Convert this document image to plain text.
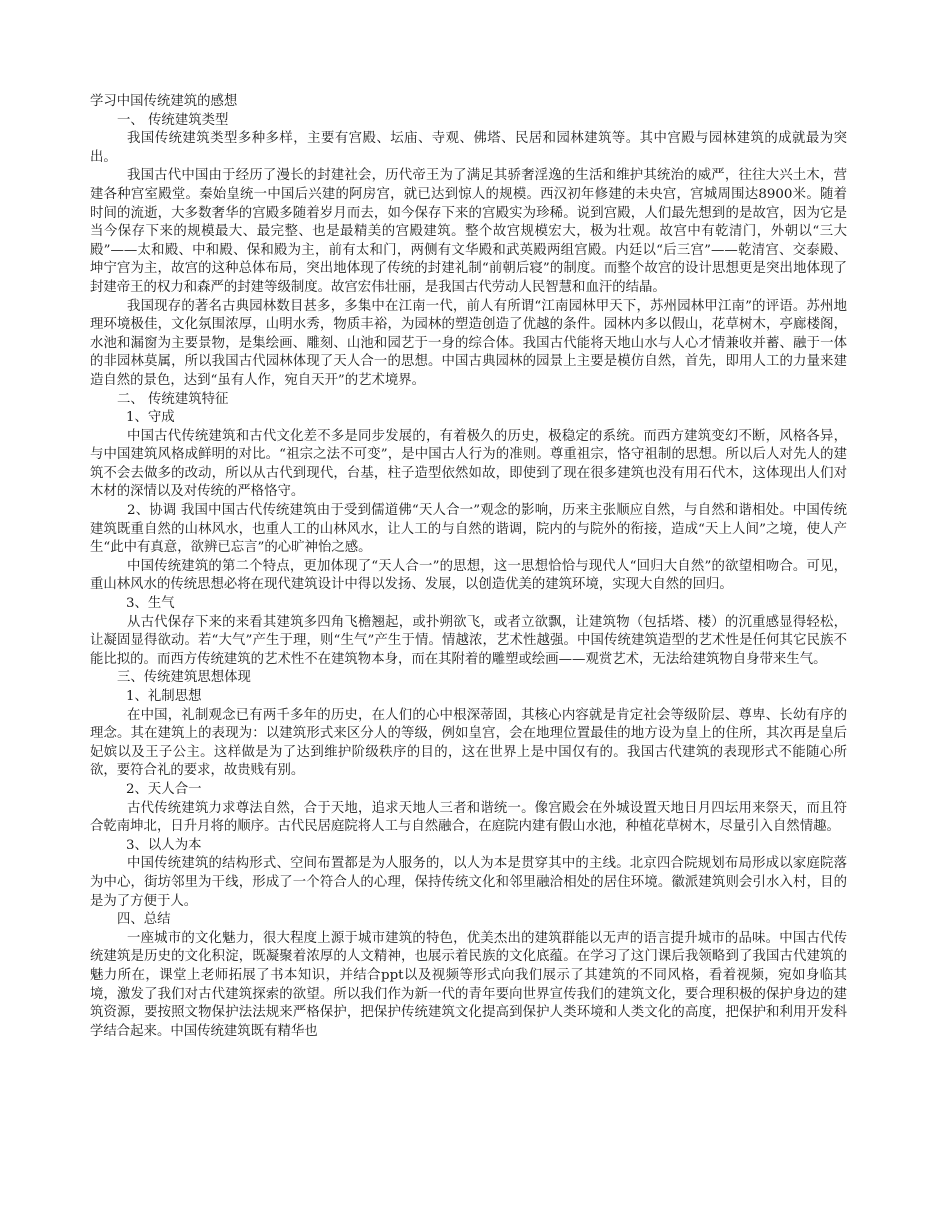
学习中国传统建筑的感想

一、 传统建筑类型

我国传统建筑类型多种多样，主要有宫殿、坛庙、寺观、佛塔、民居和园林建筑等。其中宫殿与园林建筑的成就最为突出。

我国古代中国由于经历了漫长的封建社会，历代帝王为了满足其骄奢淫逸的生活和维护其统治的威严，往往大兴土木，营建各种宫室殿堂。秦始皇统一中国后兴建的阿房宫，就已达到惊人的规模。西汉初年修建的未央宫，宫城周围达8900米。随着时间的流逝，大多数奢华的宫殿多随着岁月而去，如今保存下来的宫殿实为珍稀。说到宫殿，人们最先想到的是故宫，因为它是当今保存下来的规模最大、最完整、也是最精美的宫殿建筑。整个故宫规模宏大，极为壮观。故宫中有乾清门，外朝以“三大殿”——太和殿、中和殿、保和殿为主，前有太和门，两侧有文华殿和武英殿两组宫殿。内廷以“后三宫”——乾清宫、交泰殿、坤宁宫为主，故宫的这种总体布局，突出地体现了传统的封建礼制“前朝后寝”的制度。而整个故宫的设计思想更是突出地体现了封建帝王的权力和森严的封建等级制度。故宫宏伟壮丽，是我国古代劳动人民智慧和血汗的结晶。

我国现存的著名古典园林数目甚多，多集中在江南一代，前人有所谓“江南园林甲天下，苏州园林甲江南”的评语。苏州地理环境极佳，文化氛围浓厚，山明水秀，物质丰裕，为园林的塑造创造了优越的条件。园林内多以假山，花草树木，亭廊楼阁，水池和漏窗为主要景物，是集绘画、雕刻、山池和园艺于一身的综合体。我国古代能将天地山水与人心才情兼收并蓄、融于一体的非园林莫属，所以我国古代园林体现了天人合一的思想。中国古典园林的园景上主要是模仿自然，首先，即用人工的力量来建造自然的景色，达到“虽有人作，宛自天开”的艺术境界。

二、 传统建筑特征

1、守成

中国古代传统建筑和古代文化差不多是同步发展的，有着极久的历史，极稳定的系统。而西方建筑变幻不断，风格各异，与中国建筑风格成鲜明的对比。“祖宗之法不可变”，是中国古人行为的准则。尊重祖宗，恪守祖制的思想。所以后人对先人的建筑不会去做多的改动，所以从古代到现代，台基，柱子造型依然如故，即使到了现在很多建筑也没有用石代木，这体现出人们对木材的深情以及对传统的严格恪守。

2、协调 我国中国古代传统建筑由于受到儒道佛“天人合一”观念的影响，历来主张顺应自然，与自然和谐相处。中国传统建筑既重自然的山林风水，也重人工的山林风水，让人工的与自然的谐调，院内的与院外的衔接，造成“天上人间”之境，使人产生“此中有真意，欲辨已忘言”的心旷神怡之感。

中国传统建筑的第二个特点，更加体现了“天人合一”的思想，这一思想恰恰与现代人“回归大自然”的欲望相吻合。可见，重山林风水的传统思想必将在现代建筑设计中得以发扬、发展，以创造优美的建筑环境，实现大自然的回归。

3、生气

从古代保存下来的来看其建筑多四角飞檐翘起，或扑朔欲飞，或者立欲飘，让建筑物（包括塔、楼）的沉重感显得轻松，让凝固显得欲动。若“大气”产生于理，则“生气”产生于情。情越浓，艺术性越强。中国传统建筑造型的艺术性是任何其它民族不能比拟的。而西方传统建筑的艺术性不在建筑物本身，而在其附着的雕塑或绘画——观赏艺术，无法给建筑物自身带来生气。

三、传统建筑思想体现

1、礼制思想

在中国，礼制观念已有两千多年的历史，在人们的心中根深蒂固，其核心内容就是肯定社会等级阶层、尊卑、长幼有序的理念。其在建筑上的表现为：以建筑形式来区分人的等级，例如皇宫，会在地理位置最佳的地方设为皇上的住所，其次再是皇后妃嫔以及王子公主。这样做是为了达到维护阶级秩序的目的，这在世界上是中国仅有的。我国古代建筑的表现形式不能随心所欲，要符合礼的要求，故贵贱有别。

2、天人合一

古代传统建筑力求尊法自然，合于天地，追求天地人三者和谐统一。像宫殿会在外城设置天地日月四坛用来祭天，而且符合乾南坤北，日升月将的顺序。古代民居庭院将人工与自然融合，在庭院内建有假山水池，种植花草树木，尽量引入自然情趣。

3、以人为本

中国传统建筑的结构形式、空间布置都是为人服务的，以人为本是贯穿其中的主线。北京四合院规划布局形成以家庭院落为中心，街坊邻里为干线，形成了一个符合人的心理，保持传统文化和邻里融洽相处的居住环境。徽派建筑则会引水入村，目的是为了方便于人。

四、总结

一座城市的文化魅力，很大程度上源于城市建筑的特色，优美杰出的建筑群能以无声的语言提升城市的品味。中国古代传统建筑是历史的文化积淀，既凝聚着浓厚的人文精神，也展示着民族的文化底蕴。在学习了这门课后我领略到了我国古代建筑的魅力所在，课堂上老师拓展了书本知识，并结合ppt以及视频等形式向我们展示了其建筑的不同风格，看着视频，宛如身临其境，激发了我们对古代建筑探索的欲望。所以我们作为新一代的青年要向世界宣传我们的建筑文化，要合理积极的保护身边的建筑资源，要按照文物保护法法规来严格保护，把保护传统建筑文化提高到保护人类环境和人类文化的高度，把保护和利用开发科学结合起来。中国传统建筑既有精华也
